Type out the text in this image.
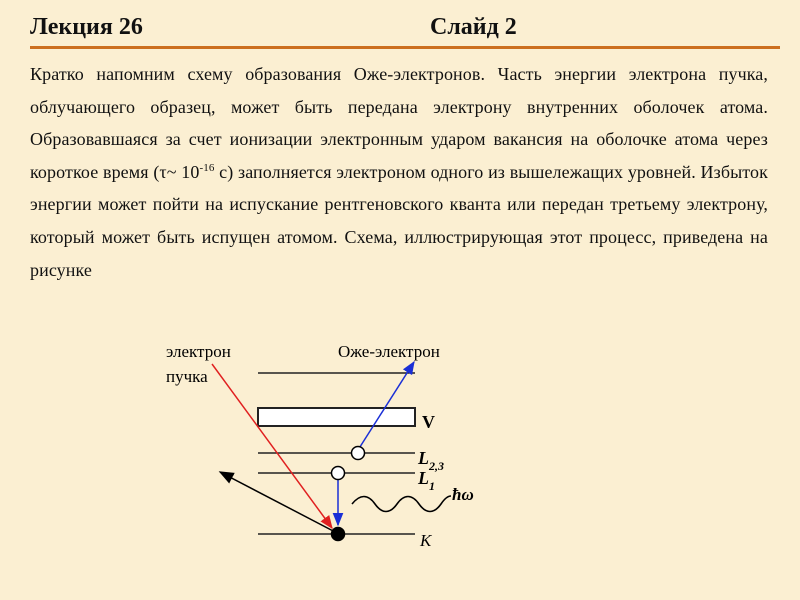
Лекция 26	Слайд 2
Кратко напомним схему образования Оже-электронов. Часть энергии электрона пучка, облучающего образец, может быть передана электрону внутренних оболочек атома. Образовавшаяся за счет ионизации электронным ударом вакансия на оболочке атома через короткое время (τ~ $10^{-16}$ с) заполняется электроном одного из вышележащих уровней. Избыток энергии может пойти на испускание рентгеновского кванта или передан третьему электрону, который может быть испущен атомом. Схема, иллюстрирующая этот процесс, приведена на рисунке
электрон
пучка
Оже-электрон
V
$L_{2,3}$
$L_1$
K
ħω
